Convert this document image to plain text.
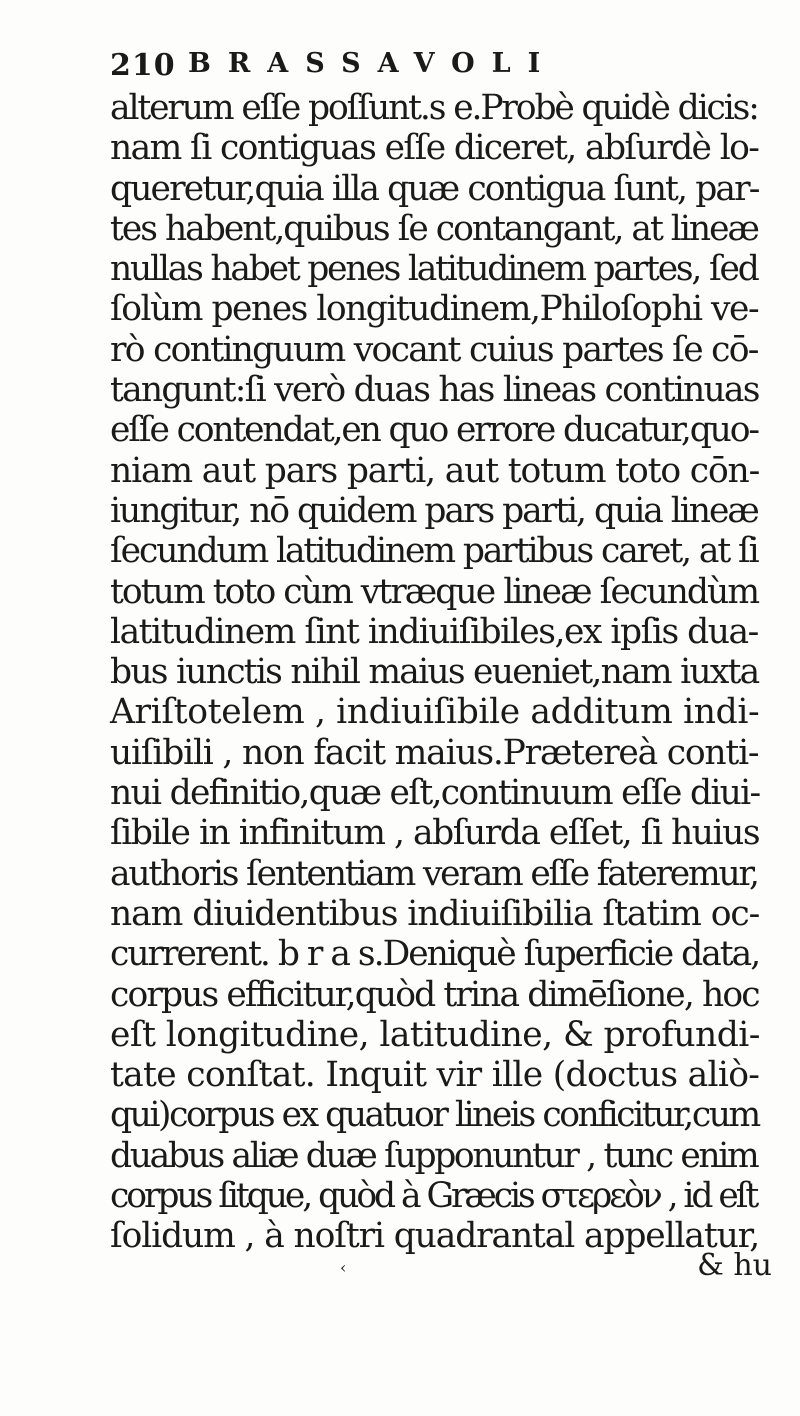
210 BRASSAVOLI
alterum eſſe poſſunt.s e.Probè quidè dicis:
nam ſi contiguas eſſe diceret, abſurdè lo-
queretur,quia illa quæ contigua ſunt, par-
tes habent,quibus ſe contangant, at lineæ
nullas habet penes latitudinem partes, ſed
ſolùm penes longitudinem,Philoſophi ve-
rò continguum vocant cuius partes ſe cō-
tangunt:ſi verò duas has lineas continuas
eſſe contendat,en quo errore ducatur,quo-
niam aut pars parti, aut totum toto cōn-
iungitur, nō quidem pars parti, quia lineæ
ſecundum latitudinem partibus caret, at ſi
totum toto cùm vtræque lineæ ſecundùm
latitudinem ſint indiuiſibiles,ex ipſis dua-
bus iunctis nihil maius eueniet,nam iuxta
Ariſtotelem , indiuiſibile additum indi-
uiſibili , non facit maius.Prætereà conti-
nui definitio,quæ eſt,continuum eſſe diui-
ſibile in infinitum , abſurda eſſet, ſi huius
authoris ſententiam veram eſſe fateremur,
nam diuidentibus indiuiſibilia ſtatim oc-
currerent. b r a s.Deniquè ſuperficie data,
corpus efficitur,quòd trina dimēſione, hoc
eſt longitudine, latitudine, & profundi-
tate conſtat. Inquit vir ille (doctus aliò-
qui)corpus ex quatuor lineis conficitur,cum
duabus aliæ duæ ſupponuntur , tunc enim
corpus ſitque, quòd à Græcis στερεὸν , id eſt
ſolidum , à noſtri quadrantal appellatur,
‹	& hu
